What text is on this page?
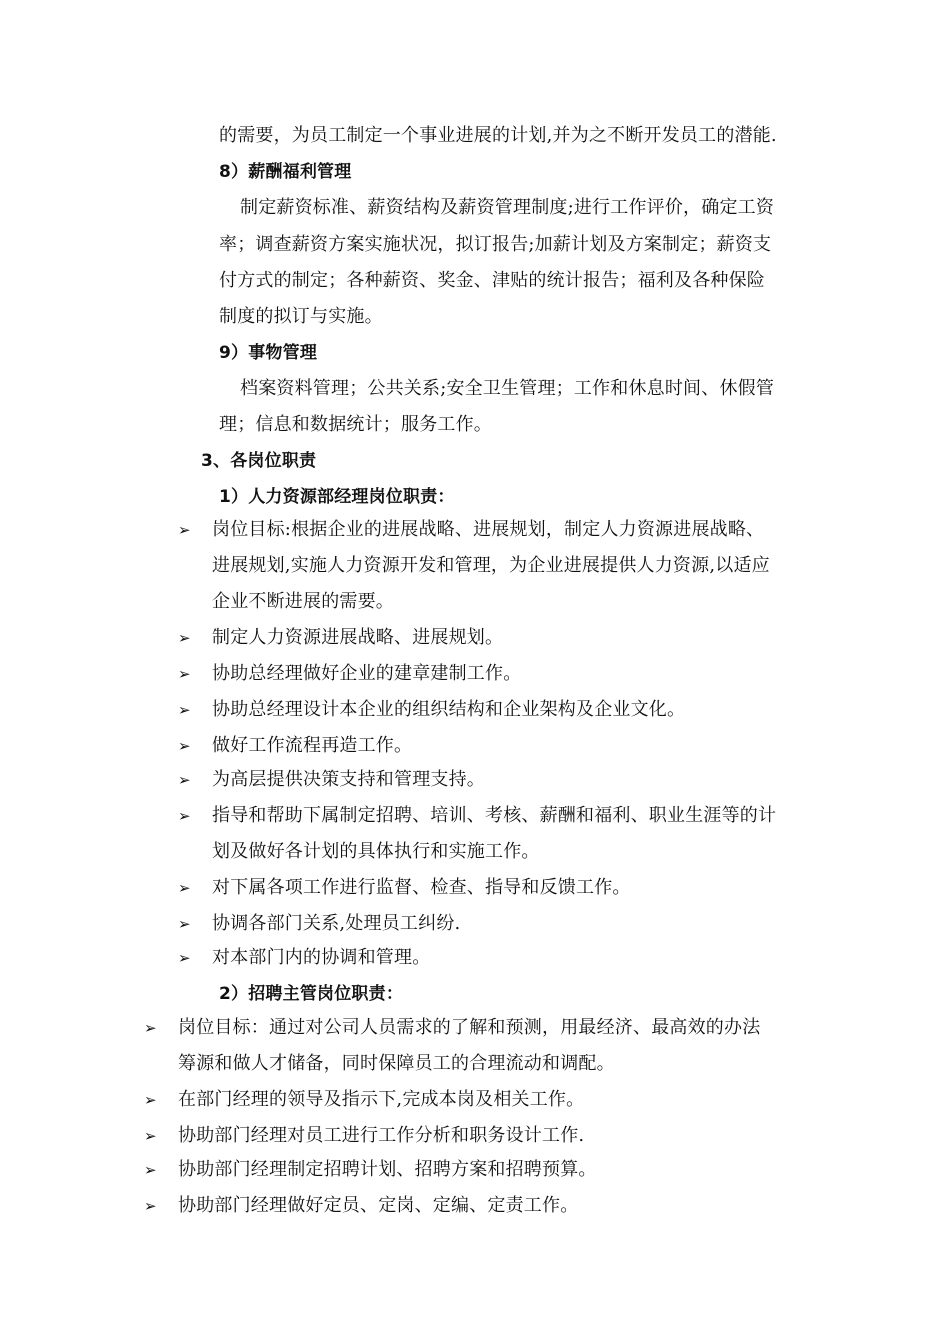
的需要，为员工制定一个事业进展的计划,并为之不断开发员工的潜能.
8）薪酬福利管理
制定薪资标准、薪资结构及薪资管理制度;进行工作评价，确定工资
率；调查薪资方案实施状况，拟订报告;加薪计划及方案制定；薪资支
付方式的制定；各种薪资、奖金、津贴的统计报告；福利及各种保险
制度的拟订与实施。
9）事物管理
档案资料管理；公共关系;安全卫生管理；工作和休息时间、休假管
理；信息和数据统计；服务工作。
3、各岗位职责
1）人力资源部经理岗位职责：
➢ 岗位目标:根据企业的进展战略、进展规划，制定人力资源进展战略、
进展规划,实施人力资源开发和管理，为企业进展提供人力资源,以适应
企业不断进展的需要。
➢ 制定人力资源进展战略、进展规划。
➢ 协助总经理做好企业的建章建制工作。
➢ 协助总经理设计本企业的组织结构和企业架构及企业文化。
➢ 做好工作流程再造工作。
➢ 为高层提供决策支持和管理支持。
➢ 指导和帮助下属制定招聘、培训、考核、薪酬和福利、职业生涯等的计
划及做好各计划的具体执行和实施工作。
➢ 对下属各项工作进行监督、检查、指导和反馈工作。
➢ 协调各部门关系,处理员工纠纷.
➢ 对本部门内的协调和管理。
2）招聘主管岗位职责：
➢ 岗位目标：通过对公司人员需求的了解和预测，用最经济、最高效的办法
筹源和做人才储备，同时保障员工的合理流动和调配。
➢ 在部门经理的领导及指示下,完成本岗及相关工作。
➢ 协助部门经理对员工进行工作分析和职务设计工作.
➢ 协助部门经理制定招聘计划、招聘方案和招聘预算。
➢ 协助部门经理做好定员、定岗、定编、定责工作。
